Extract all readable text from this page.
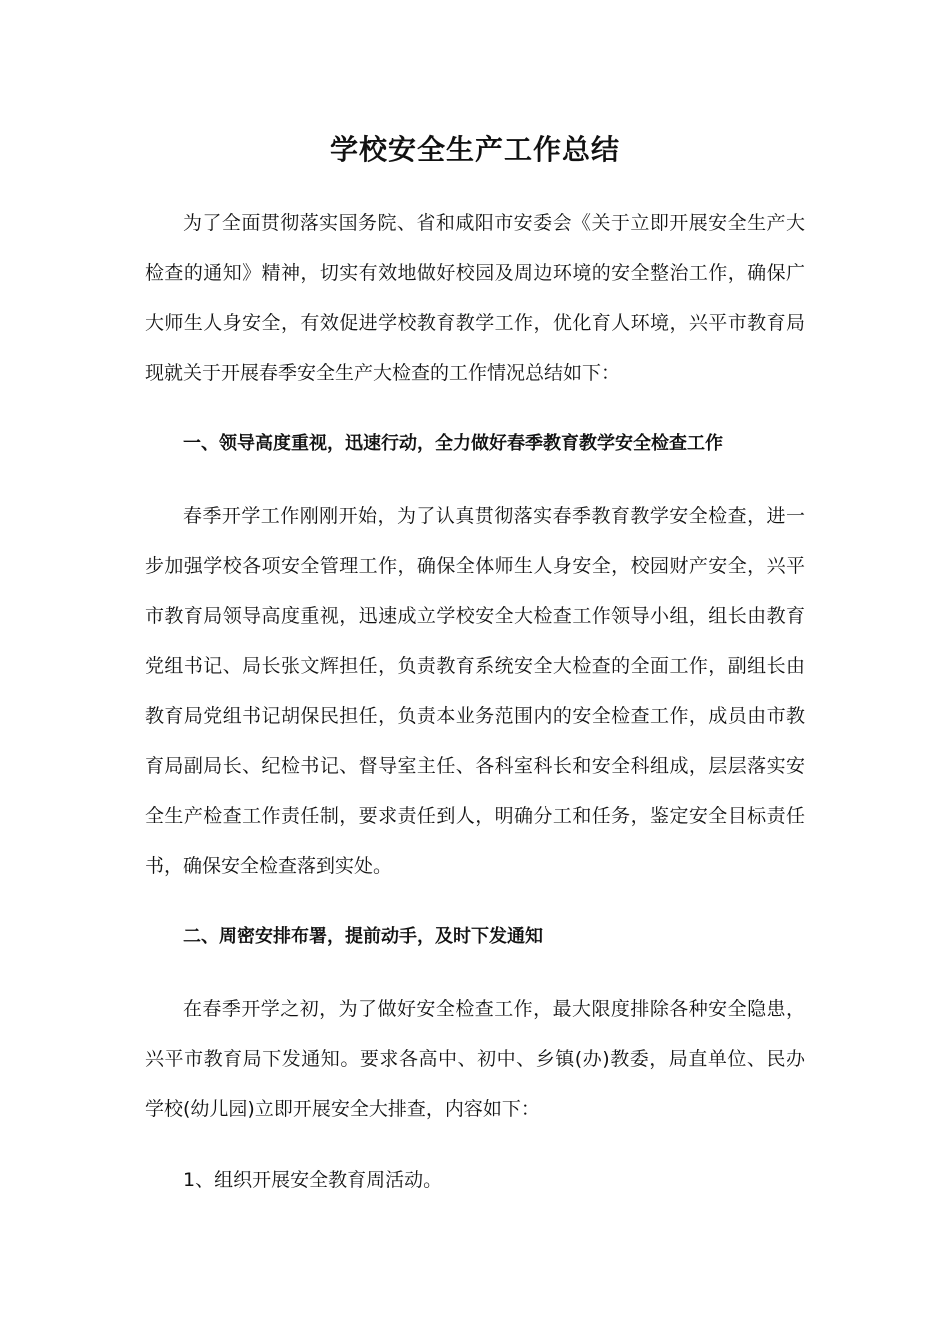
学校安全生产工作总结

为了全面贯彻落实国务院、省和咸阳市安委会《关于立即开展安全生产大检查的通知》精神，切实有效地做好校园及周边环境的安全整治工作，确保广大师生人身安全，有效促进学校教育教学工作，优化育人环境，兴平市教育局现就关于开展春季安全生产大检查的工作情况总结如下：

一、领导高度重视，迅速行动，全力做好春季教育教学安全检查工作

春季开学工作刚刚开始，为了认真贯彻落实春季教育教学安全检查，进一步加强学校各项安全管理工作，确保全体师生人身安全，校园财产安全，兴平市教育局领导高度重视，迅速成立学校安全大检查工作领导小组，组长由教育党组书记、局长张文辉担任，负责教育系统安全大检查的全面工作，副组长由教育局党组书记胡保民担任，负责本业务范围内的安全检查工作，成员由市教育局副局长、纪检书记、督导室主任、各科室科长和安全科组成，层层落实安全生产检查工作责任制，要求责任到人，明确分工和任务，鉴定安全目标责任书，确保安全检查落到实处。

二、周密安排布署，提前动手，及时下发通知

在春季开学之初，为了做好安全检查工作，最大限度排除各种安全隐患，兴平市教育局下发通知。要求各高中、初中、乡镇(办)教委，局直单位、民办学校(幼儿园)立即开展安全大排查，内容如下：

1、组织开展安全教育周活动。
